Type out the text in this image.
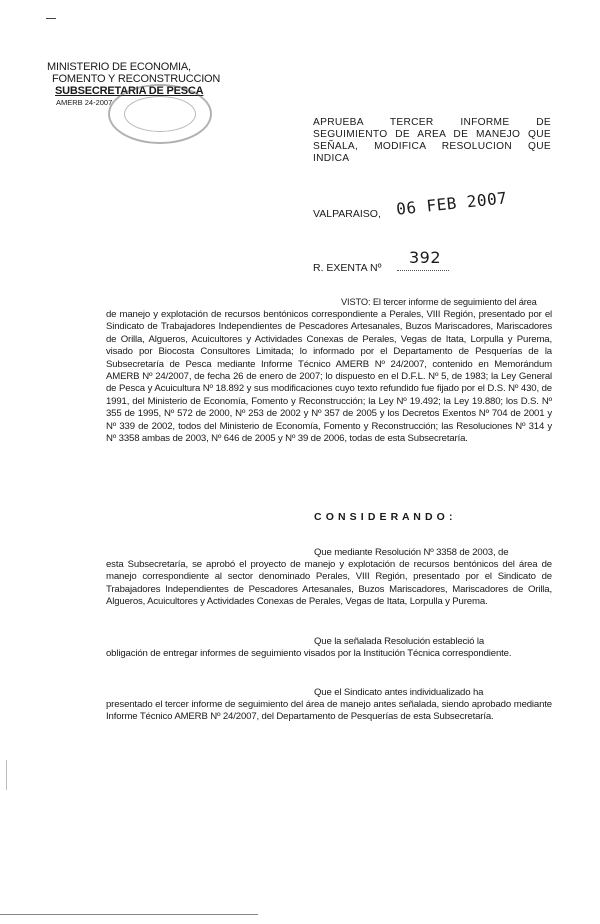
MINISTERIO DE ECONOMIA,
FOMENTO Y RECONSTRUCCION
SUBSECRETARIA DE PESCA
AMERB 24-2007
APRUEBA TERCER INFORME DE SEGUIMIENTO DE AREA DE MANEJO QUE SEÑALA, MODIFICA RESOLUCION QUE INDICA
VALPARAISO, 06 FEB 2007
R. EXENTA Nº
392
VISTO: El tercer informe de seguimiento del área
de manejo y explotación de recursos bentónicos correspondiente a Perales, VIII Región, presentado por el Sindicato de Trabajadores Independientes de Pescadores Artesanales, Buzos Mariscadores, Mariscadores de Orilla, Algueros, Acuicultores y Actividades Conexas de Perales, Vegas de Itata, Lorpulla y Purema, visado por Biocosta Consultores Limitada; lo informado por el Departamento de Pesquerías de la Subsecretaría de Pesca mediante Informe Técnico AMERB Nº 24/2007, contenido en Memorándum AMERB Nº 24/2007, de fecha 26 de enero de 2007; lo dispuesto en el D.F.L. Nº 5, de 1983; la Ley General de Pesca y Acuicultura Nº 18.892 y sus modificaciones cuyo texto refundido fue fijado por el D.S. Nº 430, de 1991, del Ministerio de Economía, Fomento y Reconstrucción; la Ley Nº 19.492; la Ley 19.880; los D.S. Nº 355 de 1995, Nº 572 de 2000, Nº 253 de 2002 y Nº 357 de 2005 y los Decretos Exentos Nº 704 de 2001 y Nº 339 de 2002, todos del Ministerio de Economía, Fomento y Reconstrucción; las Resoluciones Nº 314 y Nº 3358 ambas de 2003, Nº 646 de 2005 y Nº 39 de 2006, todas de esta Subsecretaría.
C O N S I D E R A N D O :
Que mediante Resolución Nº 3358 de 2003, de
esta Subsecretaría, se aprobó el proyecto de manejo y explotación de recursos bentónicos del área de manejo correspondiente al sector denominado Perales, VIII Región, presentado por el Sindicato de Trabajadores Independientes de Pescadores Artesanales, Buzos Mariscadores, Mariscadores de Orilla, Algueros, Acuicultores y Actividades Conexas de Perales, Vegas de Itata, Lorpulla y Purema.
Que la señalada Resolución estableció la
obligación de entregar informes de seguimiento visados por la Institución Técnica correspondiente.
Que el Sindicato antes individualizado ha
presentado el tercer informe de seguimiento del área de manejo antes señalada, siendo aprobado mediante Informe Técnico AMERB Nº 24/2007, del Departamento de Pesquerías de esta Subsecretaría.
